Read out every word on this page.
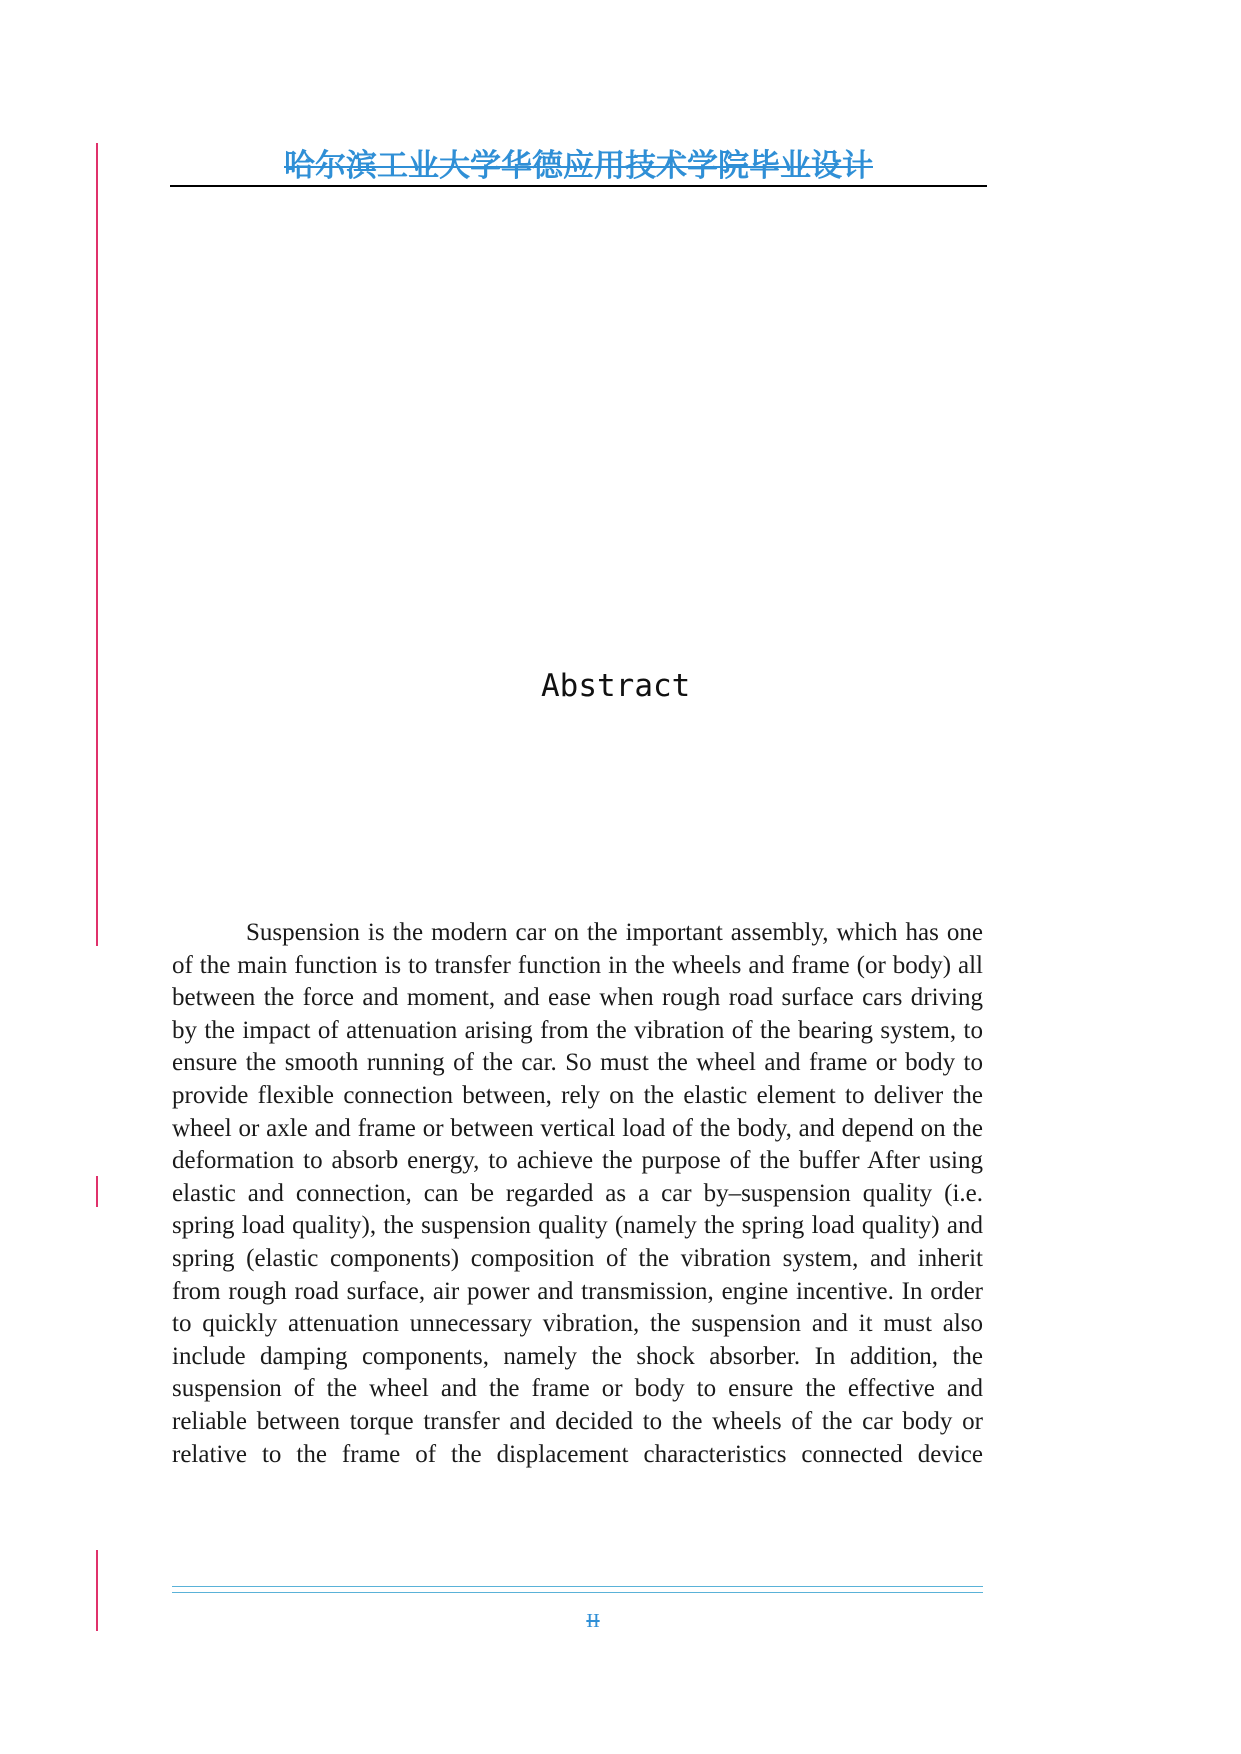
哈尔滨工业大学华德应用技术学院毕业设计
Abstract
Suspension is the modern car on the important assembly, which has one
of the main function is to transfer function in the wheels and frame (or body) all
between the force and moment, and ease when rough road surface cars driving
by the impact of attenuation arising from the vibration of the bearing system, to
ensure the smooth running of the car. So must the wheel and frame or body to
provide flexible connection between, rely on the elastic element to deliver the
wheel or axle and frame or between vertical load of the body, and depend on the
deformation to absorb energy, to achieve the purpose of the buffer After using
elastic and connection, can be regarded as a car by–suspension quality (i.e.
spring load quality), the suspension quality (namely the spring load quality) and
spring (elastic components) composition of the vibration system, and inherit
from rough road surface, air power and transmission, engine incentive. In order
to quickly attenuation unnecessary vibration, the suspension and it must also
include damping components, namely the shock absorber. In addition, the
suspension of the wheel and the frame or body to ensure the effective and
reliable between torque transfer and decided to the wheels of the car body or
relative to the frame of the displacement characteristics connected device
II
